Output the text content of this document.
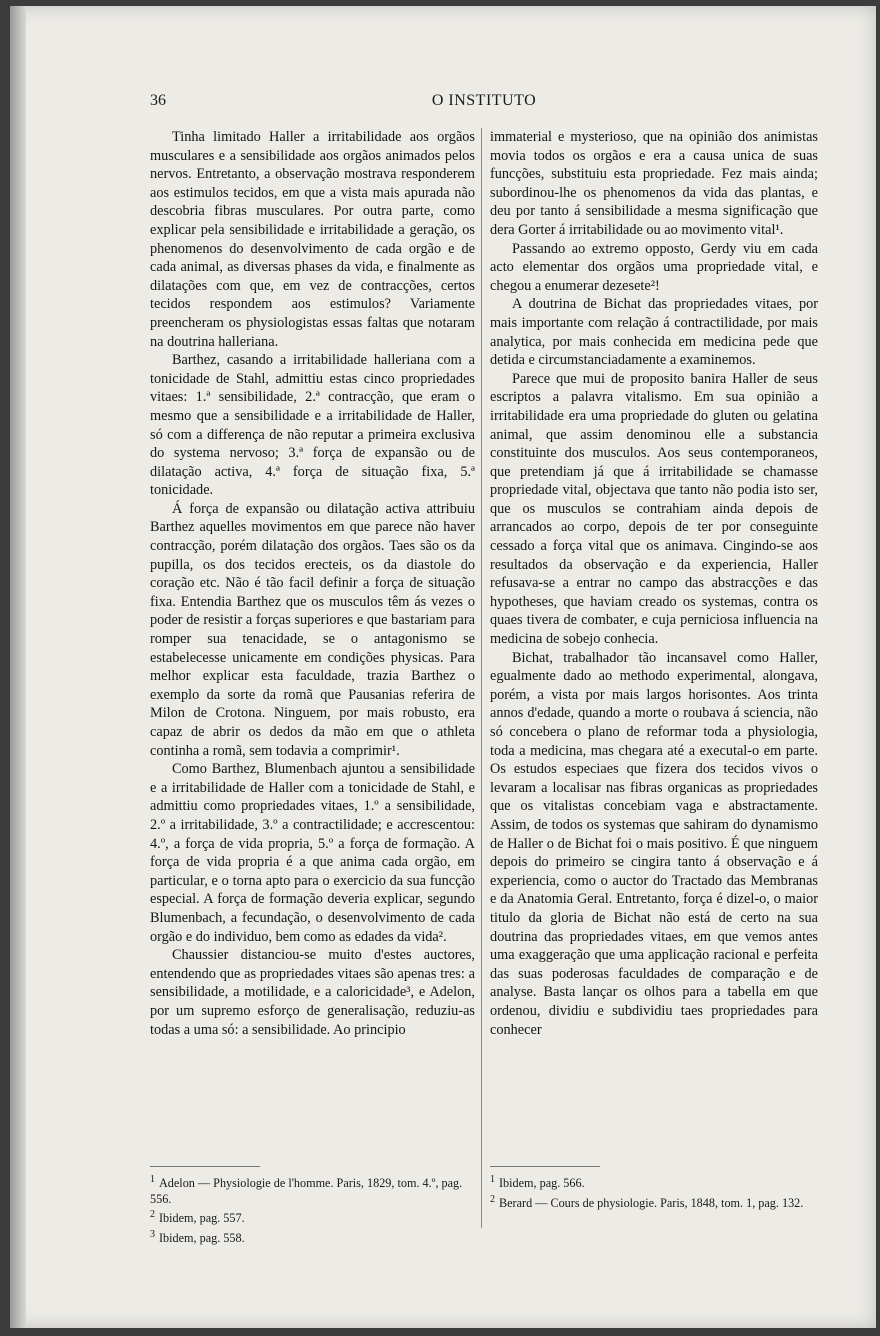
36	O INSTITUTO

Tinha limitado Haller a irritabilidade aos orgãos musculares e a sensibilidade aos orgãos animados pelos nervos. Entretanto, a observação mostrava responderem aos estimulos tecidos, em que a vista mais apurada não descobria fibras musculares. Por outra parte, como explicar pela sensibilidade e irritabilidade a geração, os phenomenos do desenvolvimento de cada orgão e de cada animal, as diversas phases da vida, e finalmente as dilatações com que, em vez de contracções, certos tecidos respondem aos estimulos? Variamente preencheram os physiologistas essas faltas que notaram na doutrina halleriana.

Barthez, casando a irritabilidade halleriana com a tonicidade de Stahl, admittiu estas cinco propriedades vitaes: 1.ª sensibilidade, 2.ª contracção, que eram o mesmo que a sensibilidade e a irritabilidade de Haller, só com a differença de não reputar a primeira exclusiva do systema nervoso; 3.ª força de expansão ou de dilatação activa, 4.ª força de situação fixa, 5.ª tonicidade.

Á força de expansão ou dilatação activa attribuiu Barthez aquelles movimentos em que parece não haver contracção, porém dilatação dos orgãos. Taes são os da pupilla, os dos tecidos erecteis, os da diastole do coração etc. Não é tão facil definir a força de situação fixa. Entendia Barthez que os musculos têm ás vezes o poder de resistir a forças superiores e que bastariam para romper sua tenacidade, se o antagonismo se estabelecesse unicamente em condições physicas. Para melhor explicar esta faculdade, trazia Barthez o exemplo da sorte da romã que Pausanias referira de Milon de Crotona. Ninguem, por mais robusto, era capaz de abrir os dedos da mão em que o athleta continha a romã, sem todavia a comprimir¹.

Como Barthez, Blumenbach ajuntou a sensibilidade e a irritabilidade de Haller com a tonicidade de Stahl, e admittiu como propriedades vitaes, 1.º a sensibilidade, 2.º a irritabilidade, 3.º a contractilidade; e accrescentou: 4.º, a força de vida propria, 5.º a força de formação. A força de vida propria é a que anima cada orgão, em particular, e o torna apto para o exercicio da sua funcção especial. A força de formação deveria explicar, segundo Blumenbach, a fecundação, o desenvolvimento de cada orgão e do individuo, bem como as edades da vida².

Chaussier distanciou-se muito d'estes auctores, entendendo que as propriedades vitaes são apenas tres: a sensibilidade, a motilidade, e a caloricidade³, e Adelon, por um supremo esforço de generalisação, reduziu-as todas a uma só: a sensibilidade. Ao principio

immaterial e mysterioso, que na opinião dos animistas movia todos os orgãos e era a causa unica de suas funcções, substituiu esta propriedade. Fez mais ainda; subordinou-lhe os phenomenos da vida das plantas, e deu por tanto á sensibilidade a mesma significação que dera Gorter á irritabilidade ou ao movimento vital¹.

Passando ao extremo opposto, Gerdy viu em cada acto elementar dos orgãos uma propriedade vital, e chegou a enumerar dezesete²!

A doutrina de Bichat das propriedades vitaes, por mais importante com relação á contractilidade, por mais analytica, por mais conhecida em medicina pede que detida e circumstanciadamente a examinemos.

Parece que mui de proposito banira Haller de seus escriptos a palavra vitalismo. Em sua opinião a irritabilidade era uma propriedade do gluten ou gelatina animal, que assim denominou elle a substancia constituinte dos musculos. Aos seus contemporaneos, que pretendiam já que á irritabilidade se chamasse propriedade vital, objectava que tanto não podia isto ser, que os musculos se contrahiam ainda depois de arrancados ao corpo, depois de ter por conseguinte cessado a força vital que os animava. Cingindo-se aos resultados da observação e da experiencia, Haller refusava-se a entrar no campo das abstracções e das hypotheses, que haviam creado os systemas, contra os quaes tivera de combater, e cuja perniciosa influencia na medicina de sobejo conhecia.

Bichat, trabalhador tão incansavel como Haller, egualmente dado ao methodo experimental, alongava, porém, a vista por mais largos horisontes. Aos trinta annos d'edade, quando a morte o roubava á sciencia, não só concebera o plano de reformar toda a physiologia, toda a medicina, mas chegara até a executal-o em parte. Os estudos especiaes que fizera dos tecidos vivos o levaram a localisar nas fibras organicas as propriedades que os vitalistas concebiam vaga e abstractamente. Assim, de todos os systemas que sahiram do dynamismo de Haller o de Bichat foi o mais positivo. É que ninguem depois do primeiro se cingira tanto á observação e á experiencia, como o auctor do Tractado das Membranas e da Anatomia Geral. Entretanto, força é dizel-o, o maior titulo da gloria de Bichat não está de certo na sua doutrina das propriedades vitaes, em que vemos antes uma exaggeração que uma applicação racional e perfeita das suas poderosas faculdades de comparação e de analyse. Basta lançar os olhos para a tabella em que ordenou, dividiu e subdividiu taes propriedades para conhecer

$^1$ Adelon — Physiologie de l'homme. Paris, 1829, tom. 4.º, pag. 556.

$^2$ Ibidem, pag. 557.

$^3$ Ibidem, pag. 558.

$^1$ Ibidem, pag. 566.

$^2$ Berard — Cours de physiologie. Paris, 1848, tom. 1, pag. 132.
